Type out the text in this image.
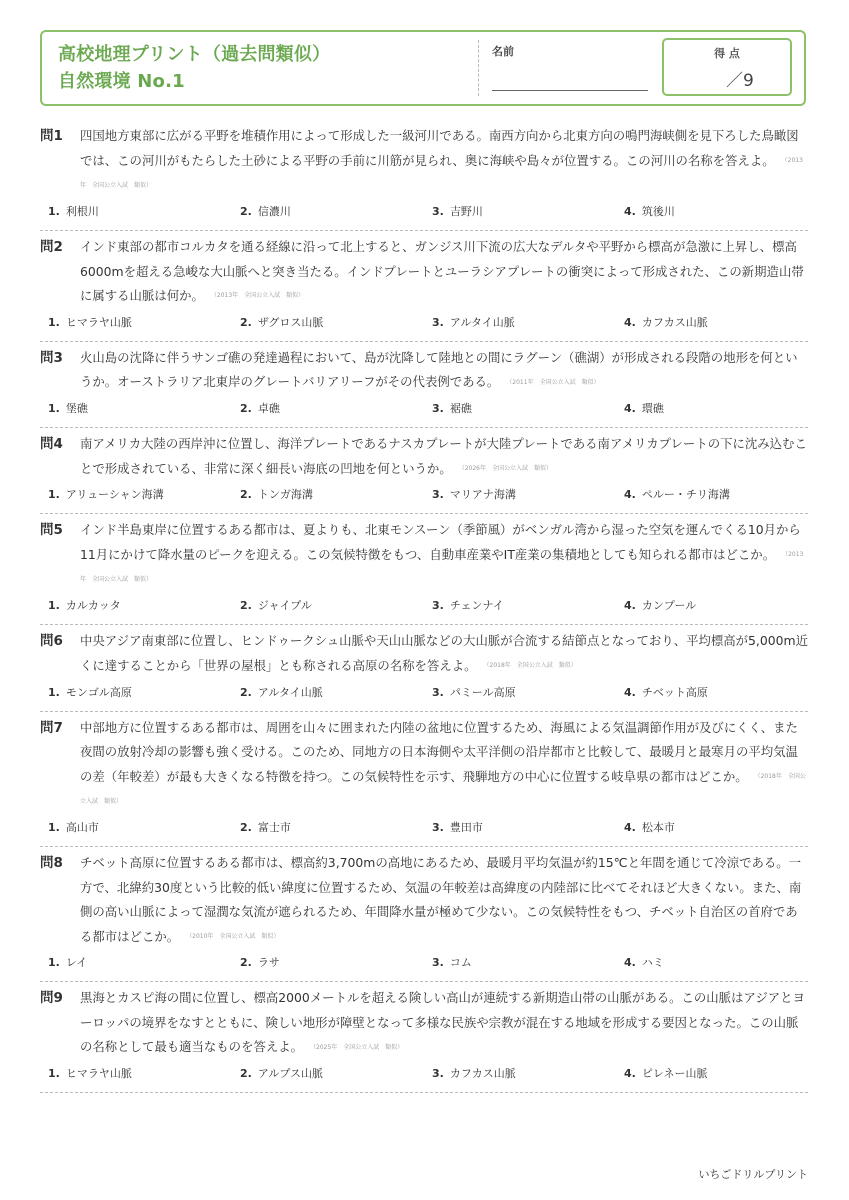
高校地理プリント（過去問類似）
自然環境 No.1
名前	得 点
／9
問1	四国地方東部に広がる平野を堆積作用によって形成した一級河川である。南西方向から北東方向の鳴門海峡側を見下ろした鳥瞰図では、この河川がもたらした土砂による平野の手前に川筋が見られ、奥に海峡や島々が位置する。この河川の名称を答えよ。 （2013年　全国公立入試　類似）
1. 利根川	2. 信濃川	3. 吉野川	4. 筑後川
問2	インド東部の都市コルカタを通る経線に沿って北上すると、ガンジス川下流の広大なデルタや平野から標高が急激に上昇し、標高6000mを超える急峻な大山脈へと突き当たる。インドプレートとユーラシアプレートの衝突によって形成された、この新期造山帯に属する山脈は何か。 （2013年　全国公立入試　類似）
1. ヒマラヤ山脈	2. ザグロス山脈	3. アルタイ山脈	4. カフカス山脈
問3	火山島の沈降に伴うサンゴ礁の発達過程において、島が沈降して陸地との間にラグーン（礁湖）が形成される段階の地形を何というか。オーストラリア北東岸のグレートバリアリーフがその代表例である。 （2011年　全国公立入試　類似）
1. 堡礁	2. 卓礁	3. 裾礁	4. 環礁
問4	南アメリカ大陸の西岸沖に位置し、海洋プレートであるナスカプレートが大陸プレートである南アメリカプレートの下に沈み込むことで形成されている、非常に深く細長い海底の凹地を何というか。 （2026年　全国公立入試　類似）
1. アリューシャン海溝	2. トンガ海溝	3. マリアナ海溝	4. ペルー・チリ海溝
問5	インド半島東岸に位置するある都市は、夏よりも、北東モンスーン（季節風）がベンガル湾から湿った空気を運んでくる10月から11月にかけて降水量のピークを迎える。この気候特徴をもつ、自動車産業やIT産業の集積地としても知られる都市はどこか。 （2013年　全国公立入試　類似）
1. カルカッタ	2. ジャイプル	3. チェンナイ	4. カンプール
問6	中央アジア南東部に位置し、ヒンドゥークシュ山脈や天山山脈などの大山脈が合流する結節点となっており、平均標高が5,000m近くに達することから「世界の屋根」とも称される高原の名称を答えよ。 （2018年　全国公立入試　類似）
1. モンゴル高原	2. アルタイ山脈	3. パミール高原	4. チベット高原
問7	中部地方に位置するある都市は、周囲を山々に囲まれた内陸の盆地に位置するため、海風による気温調節作用が及びにくく、また夜間の放射冷却の影響も強く受ける。このため、同地方の日本海側や太平洋側の沿岸都市と比較して、最暖月と最寒月の平均気温の差（年較差）が最も大きくなる特徴を持つ。この気候特性を示す、飛騨地方の中心に位置する岐阜県の都市はどこか。 （2018年　全国公立入試　類似）
1. 高山市	2. 富士市	3. 豊田市	4. 松本市
問8	チベット高原に位置するある都市は、標高約3,700mの高地にあるため、最暖月平均気温が約15℃と年間を通じて冷涼である。一方で、北緯約30度という比較的低い緯度に位置するため、気温の年較差は高緯度の内陸部に比べてそれほど大きくない。また、南側の高い山脈によって湿潤な気流が遮られるため、年間降水量が極めて少ない。この気候特性をもつ、チベット自治区の首府である都市はどこか。 （2010年　全国公立入試　類似）
1. レイ	2. ラサ	3. コム	4. ハミ
問9	黒海とカスピ海の間に位置し、標高2000メートルを超える険しい高山が連続する新期造山帯の山脈がある。この山脈はアジアとヨーロッパの境界をなすとともに、険しい地形が障壁となって多様な民族や宗教が混在する地域を形成する要因となった。この山脈の名称として最も適当なものを答えよ。 （2025年　全国公立入試　類似）
1. ヒマラヤ山脈	2. アルプス山脈	3. カフカス山脈	4. ピレネー山脈
いちごドリルプリント
